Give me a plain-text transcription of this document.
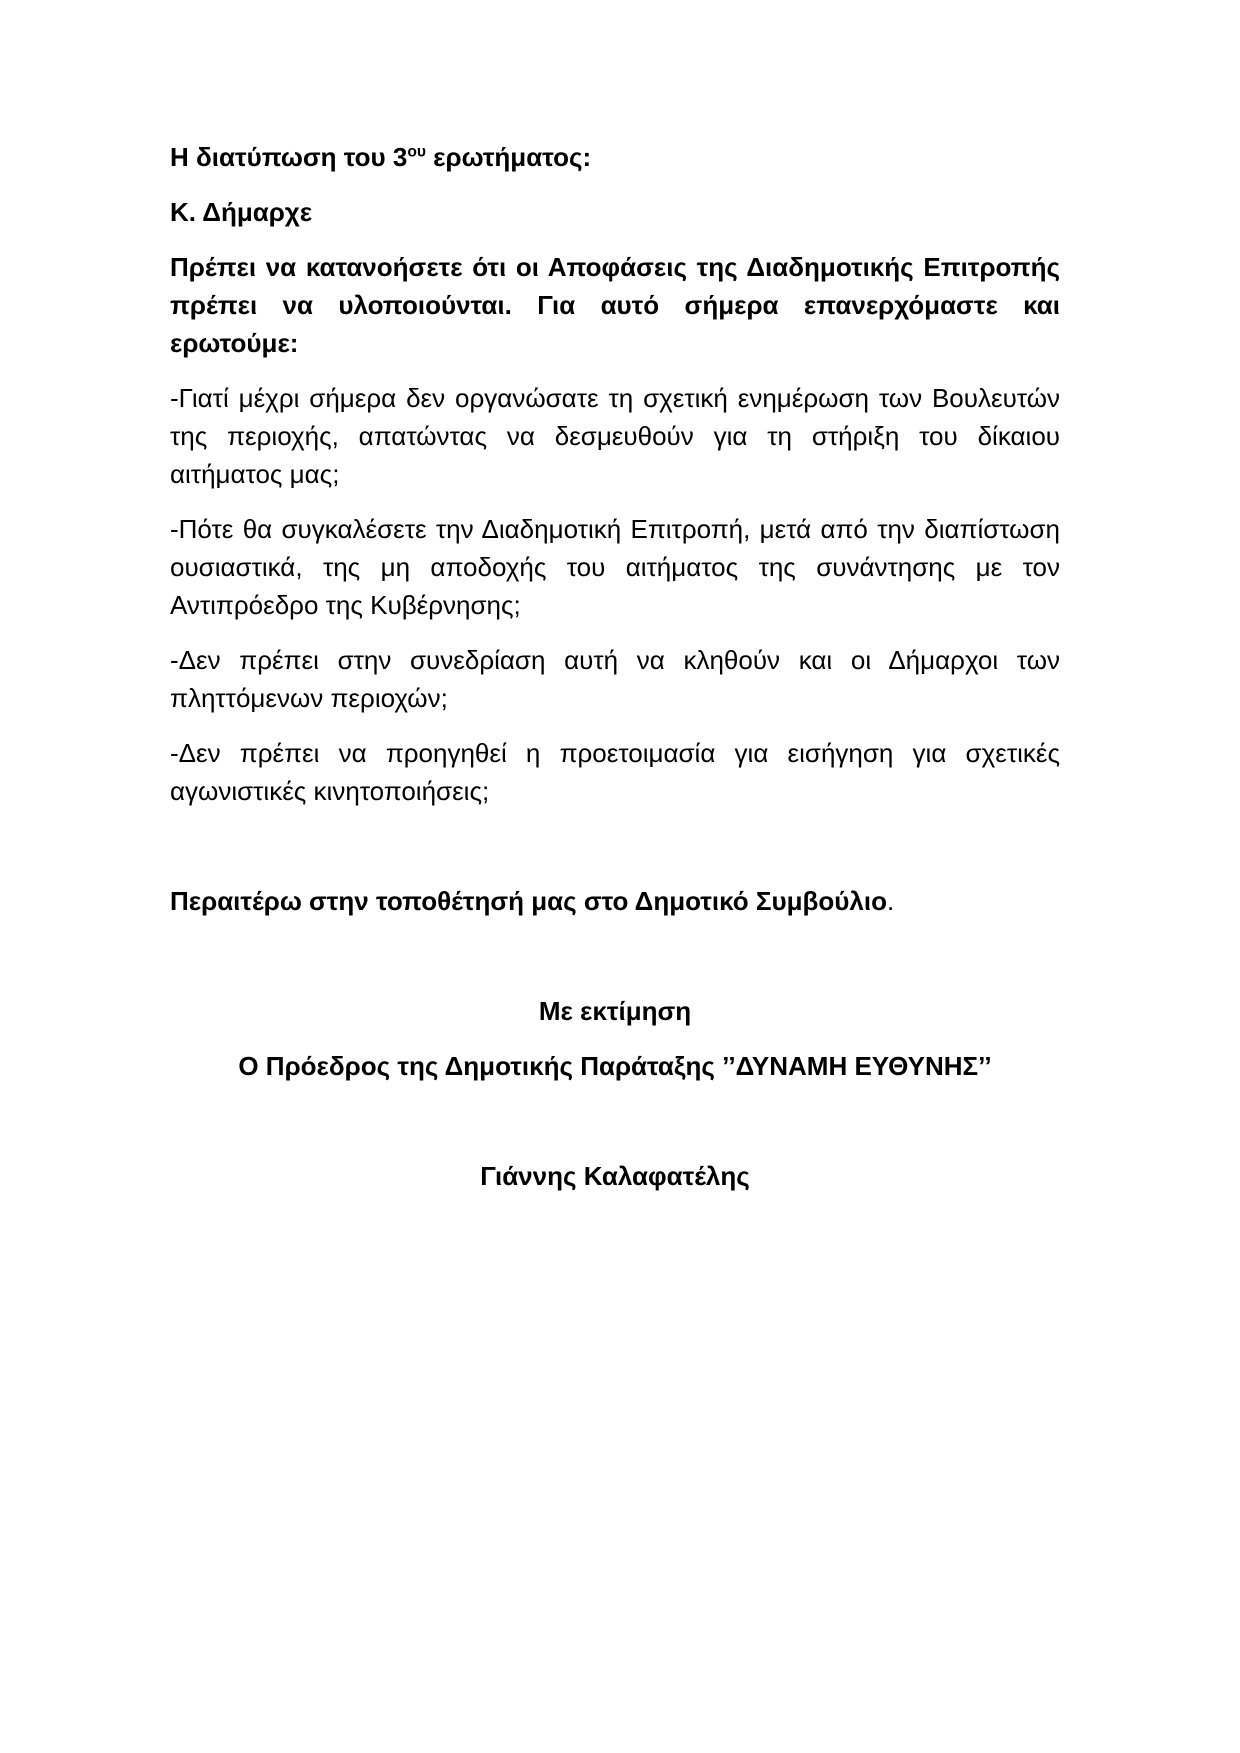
Η διατύπωση του $3^{o\upsilon}$ ερωτήματος:

Κ. Δήμαρχε

Πρέπει να κατανοήσετε ότι οι Αποφάσεις της Διαδημοτικής Επιτροπής πρέπει να υλοποιούνται. Για αυτό σήμερα επανερχόμαστε και ερωτούμε:

-Γιατί μέχρι σήμερα δεν οργανώσατε τη σχετική ενημέρωση των Βουλευτών της περιοχής, απατώντας να δεσμευθούν για τη στήριξη του δίκαιου αιτήματος μας;

-Πότε θα συγκαλέσετε την Διαδημοτική Επιτροπή, μετά από την διαπίστωση ουσιαστικά, της μη αποδοχής του αιτήματος της συνάντησης με τον Αντιπρόεδρο της Κυβέρνησης;

-Δεν πρέπει στην συνεδρίαση αυτή να κληθούν και οι Δήμαρχοι των πληττόμενων περιοχών;

-Δεν πρέπει να προηγηθεί η προετοιμασία για εισήγηση για σχετικές αγωνιστικές κινητοποιήσεις;

Περαιτέρω στην τοποθέτησή μας στο Δημοτικό Συμβούλιο.

Με εκτίμηση

Ο Πρόεδρος της Δημοτικής Παράταξης ’’ΔΥΝΑΜΗ ΕΥΘΥΝΗΣ’’

Γιάννης Καλαφατέλης
